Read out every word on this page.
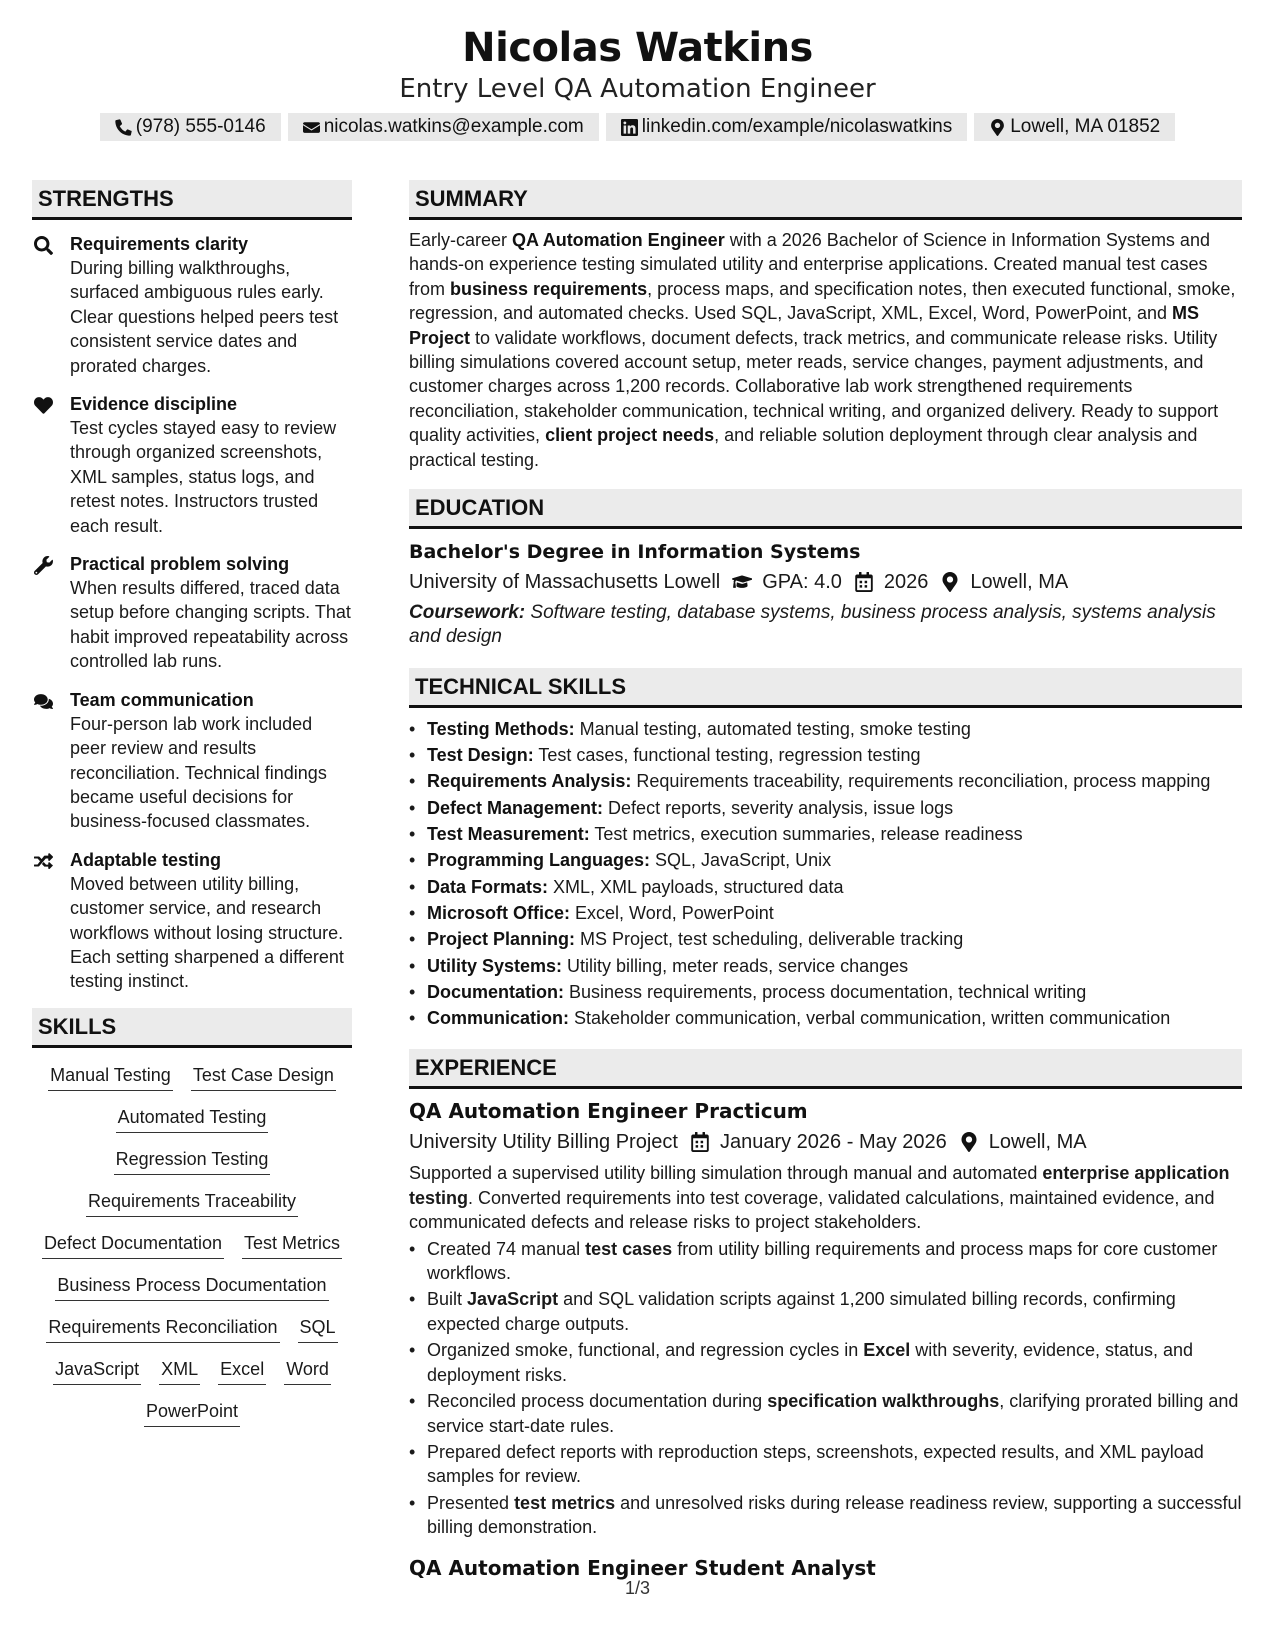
Nicolas Watkins
Entry Level QA Automation Engineer
(978) 555-0146	nicolas.watkins@example.com	linkedin.com/example/nicolaswatkins	Lowell, MA 01852
STRENGTHS
Requirements clarity
During billing walkthroughs, surfaced ambiguous rules early. Clear questions helped peers test consistent service dates and prorated charges.
Evidence discipline
Test cycles stayed easy to review through organized screenshots, XML samples, status logs, and retest notes. Instructors trusted each result.
Practical problem solving
When results differed, traced data setup before changing scripts. That habit improved repeatability across controlled lab runs.
Team communication
Four-person lab work included peer review and results reconciliation. Technical findings became useful decisions for business-focused classmates.
Adaptable testing
Moved between utility billing, customer service, and research workflows without losing structure. Each setting sharpened a different testing instinct.
SKILLS
Manual Testing Test Case Design
Automated Testing
Regression Testing
Requirements Traceability
Defect Documentation Test Metrics
Business Process Documentation
Requirements Reconciliation SQL
JavaScript XML Excel Word
PowerPoint
SUMMARY

Early-career QA Automation Engineer with a 2026 Bachelor of Science in Information Systems and hands-on experience testing simulated utility and enterprise applications. Created manual test cases from business requirements, process maps, and specification notes, then executed functional, smoke, regression, and automated checks. Used SQL, JavaScript, XML, Excel, Word, PowerPoint, and MS Project to validate workflows, document defects, track metrics, and communicate release risks. Utility billing simulations covered account setup, meter reads, service changes, payment adjustments, and customer charges across 1,200 records. Collaborative lab work strengthened requirements reconciliation, stakeholder communication, technical writing, and organized delivery. Ready to support quality activities, client project needs, and reliable solution deployment through clear analysis and practical testing.

EDUCATION
Bachelor's Degree in Information Systems
University of Massachusetts Lowell GPA: 4.0 2026 Lowell, MA
Coursework: Software testing, database systems, business process analysis, systems analysis and design
TECHNICAL SKILLS
• Testing Methods: Manual testing, automated testing, smoke testing
• Test Design: Test cases, functional testing, regression testing
• Requirements Analysis: Requirements traceability, requirements reconciliation, process mapping
• Defect Management: Defect reports, severity analysis, issue logs
• Test Measurement: Test metrics, execution summaries, release readiness
• Programming Languages: SQL, JavaScript, Unix
• Data Formats: XML, XML payloads, structured data
• Microsoft Office: Excel, Word, PowerPoint
• Project Planning: MS Project, test scheduling, deliverable tracking
• Utility Systems: Utility billing, meter reads, service changes
• Documentation: Business requirements, process documentation, technical writing
• Communication: Stakeholder communication, verbal communication, written communication
EXPERIENCE
QA Automation Engineer Practicum
University Utility Billing Project January 2026 - May 2026 Lowell, MA

Supported a supervised utility billing simulation through manual and automated enterprise application testing. Converted requirements into test coverage, validated calculations, maintained evidence, and communicated defects and release risks to project stakeholders.

• Created 74 manual test cases from utility billing requirements and process maps for core customer workflows.
• Built JavaScript and SQL validation scripts against 1,200 simulated billing records, confirming expected charge outputs.
• Organized smoke, functional, and regression cycles in Excel with severity, evidence, status, and deployment risks.
• Reconciled process documentation during specification walkthroughs, clarifying prorated billing and service start-date rules.
• Prepared defect reports with reproduction steps, screenshots, expected results, and XML payload samples for review.
• Presented test metrics and unresolved risks during release readiness review, supporting a successful billing demonstration.
QA Automation Engineer Student Analyst
1/3
